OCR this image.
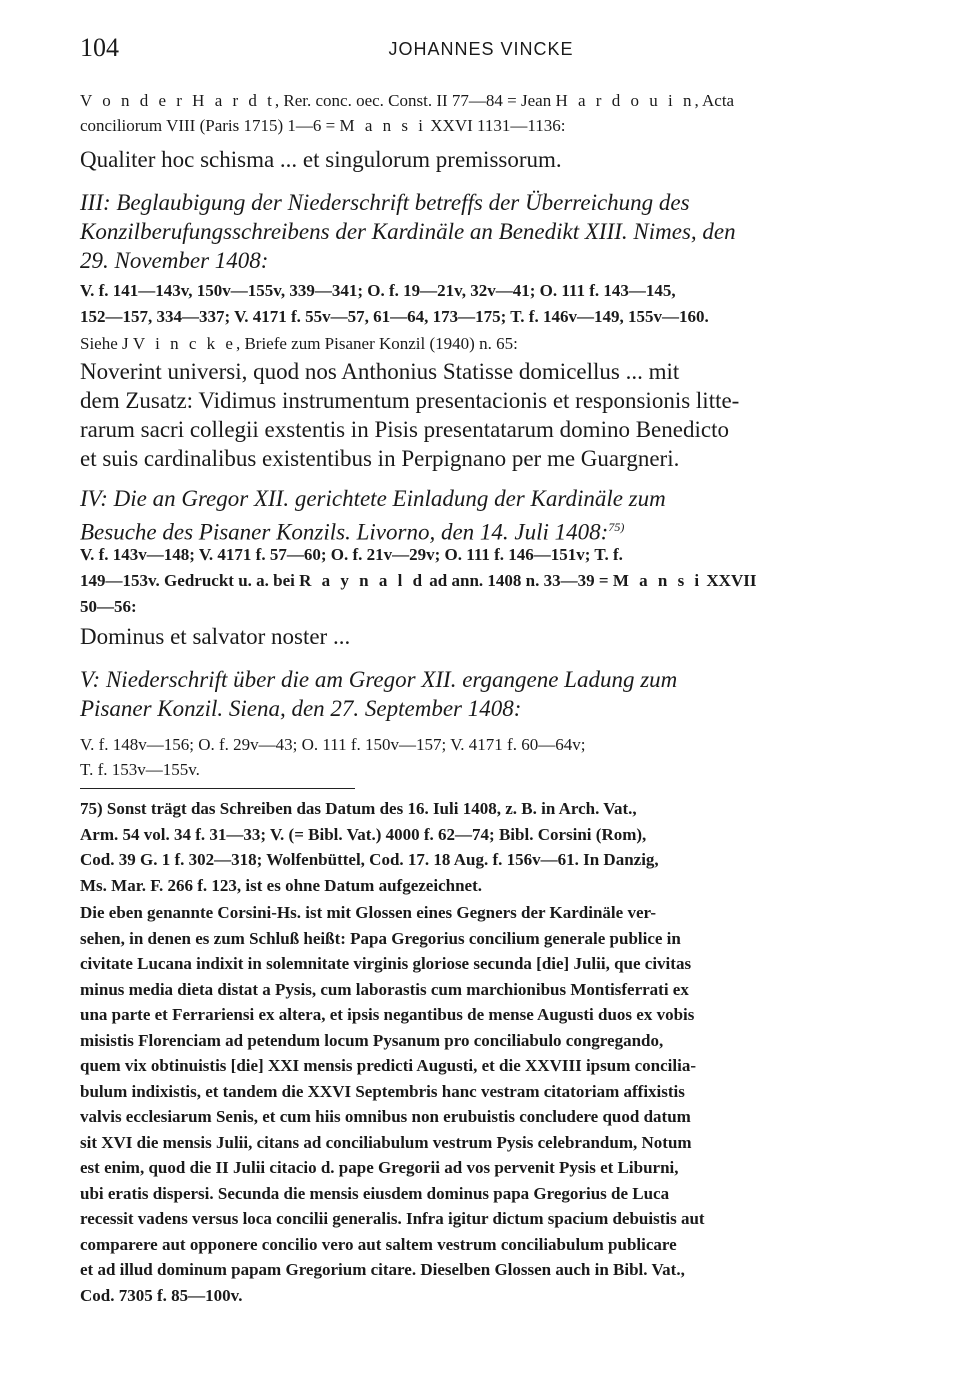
104	JOHANNES VINCKE
V o n d e r H a r d t, Rer. conc. oec. Const. II 77—84 = Jean H a r d o u i n, Acta
conciliorum VIII (Paris 1715) 1—6 = M a n s i XXVI 1131—1136:
Qualiter hoc schisma ... et singulorum premissorum.
III: Beglaubigung der Niederschrift betreffs der Überreichung des
Konzilberufungsschreibens der Kardinäle an Benedikt XIII. Nimes, den
29. November 1408:
V. f. 141—143v, 150v—155v, 339—341; O. f. 19—21v, 32v—41; O. 111 f. 143—145,
152—157, 334—337; V. 4171 f. 55v—57, 61—64, 173—175; T. f. 146v—149, 155v—160.
Siehe J V i n c k e, Briefe zum Pisaner Konzil (1940) n. 65:
Noverint universi, quod nos Anthonius Statisse domicellus ... mit
dem Zusatz: Vidimus instrumentum presentacionis et responsionis litte-
rarum sacri collegii exstentis in Pisis presentatarum domino Benedicto
et suis cardinalibus existentibus in Perpignano per me Guargneri.
IV: Die an Gregor XII. gerichtete Einladung der Kardinäle zum
Besuche des Pisaner Konzils. Livorno, den 14. Juli 1408:$^{75)}$
V. f. 143v—148; V. 4171 f. 57—60; O. f. 21v—29v; O. 111 f. 146—151v; T. f.
149—153v. Gedruckt u. a. bei R a y n a l d ad ann. 1408 n. 33—39 = M a n s i XXVII
50—56:
Dominus et salvator noster ...
V: Niederschrift über die am Gregor XII. ergangene Ladung zum
Pisaner Konzil. Siena, den 27. September 1408:
V. f. 148v—156; O. f. 29v—43; O. 111 f. 150v—157; V. 4171 f. 60—64v;
T. f. 153v—155v.
75) Sonst trägt das Schreiben das Datum des 16. Iuli 1408, z. B. in Arch. Vat.,
Arm. 54 vol. 34 f. 31—33; V. (= Bibl. Vat.) 4000 f. 62—74; Bibl. Corsini (Rom),
Cod. 39 G. 1 f. 302—318; Wolfenbüttel, Cod. 17. 18 Aug. f. 156v—61. In Danzig,
Ms. Mar. F. 266 f. 123, ist es ohne Datum aufgezeichnet.
Die eben genannte Corsini-Hs. ist mit Glossen eines Gegners der Kardinäle ver-
sehen, in denen es zum Schluß heißt: Papa Gregorius concilium generale publice in
civitate Lucana indixit in solemnitate virginis gloriose secunda [die] Julii, que civitas
minus media dieta distat a Pysis, cum laborastis cum marchionibus Montisferrati ex
una parte et Ferrariensi ex altera, et ipsis negantibus de mense Augusti duos ex vobis
misistis Florenciam ad petendum locum Pysanum pro conciliabulo congregando,
quem vix obtinuistis [die] XXI mensis predicti Augusti, et die XXVIII ipsum concilia-
bulum indixistis, et tandem die XXVI Septembris hanc vestram citatoriam affixistis
valvis ecclesiarum Senis, et cum hiis omnibus non erubuistis concludere quod datum
sit XVI die mensis Julii, citans ad conciliabulum vestrum Pysis celebrandum, Notum
est enim, quod die II Julii citacio d. pape Gregorii ad vos pervenit Pysis et Liburni,
ubi eratis dispersi. Secunda die mensis eiusdem dominus papa Gregorius de Luca
recessit vadens versus loca concilii generalis. Infra igitur dictum spacium debuistis aut
comparere aut opponere concilio vero aut saltem vestrum conciliabulum publicare
et ad illud dominum papam Gregorium citare. Dieselben Glossen auch in Bibl. Vat.,
Cod. 7305 f. 85—100v.
